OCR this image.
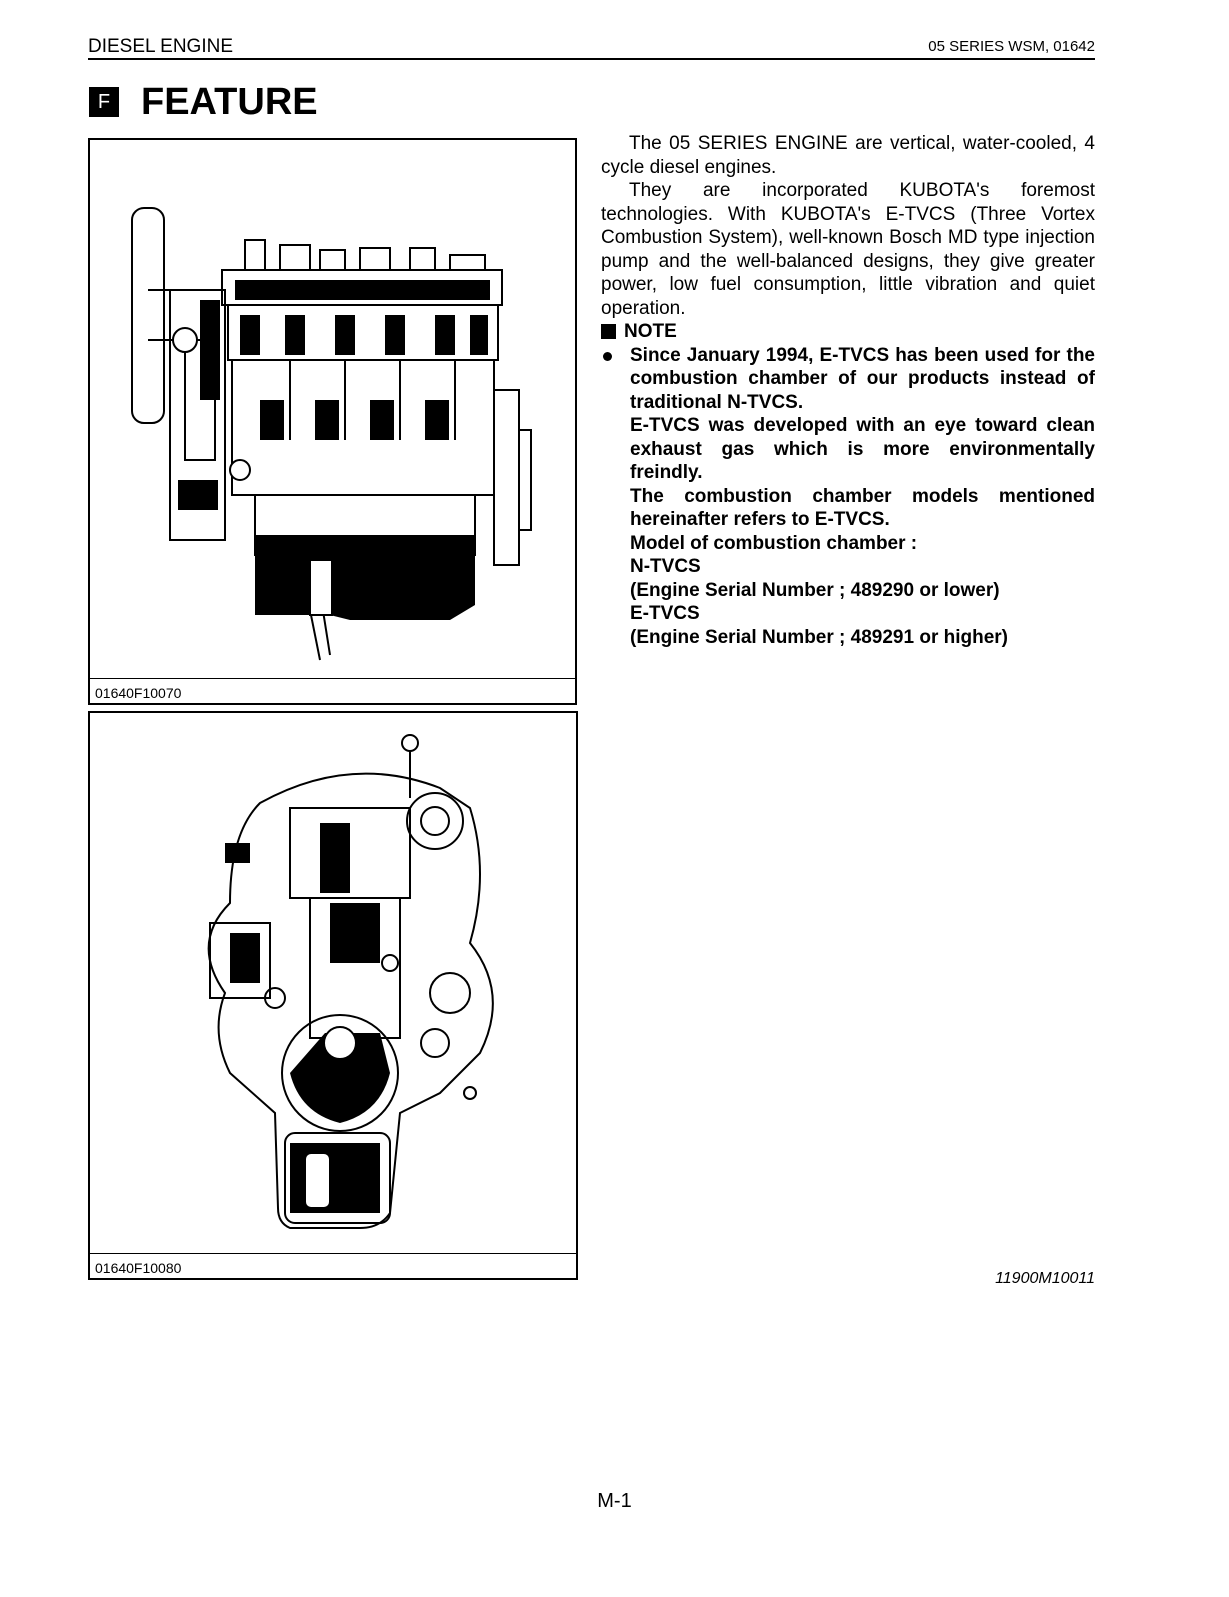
DIESEL ENGINE	05 SERIES WSM, 01642
F FEATURE
01640F10070
01640F10080

The 05 SERIES ENGINE are vertical, water-cooled, 4 cycle diesel engines.

They are incorporated KUBOTA's foremost technologies. With KUBOTA's E-TVCS (Three Vortex Combustion System), well-known Bosch MD type injection pump and the well-balanced designs, they give greater power, low fuel consumption, little vibration and quiet operation.

NOTE
Since January 1994, E-TVCS has been used for the combustion chamber of our products instead of traditional N-TVCS.
E-TVCS was developed with an eye toward clean exhaust gas which is more environmentally freindly.
The combustion chamber models mentioned hereinafter refers to E-TVCS.
Model of combustion chamber :
N-TVCS
(Engine Serial Number ; 489290 or lower)
E-TVCS
(Engine Serial Number ; 489291 or higher)
11900M10011
M-1
